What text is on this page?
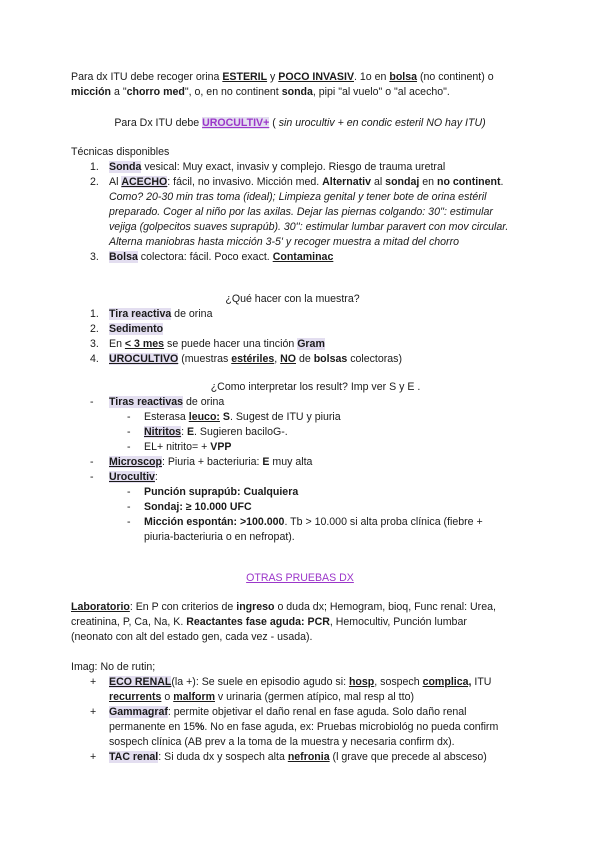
Para dx ITU debe recoger orina ESTERIL y POCO INVASIV. 1o en bolsa (no continent) o

micción a "chorro med", o, en no continent sonda, pipi "al vuelo" o "al acecho".

Para Dx ITU debe UROCULTIV+ ( sin urocultiv + en condic esteril NO hay ITU)

Técnicas disponibles

1. Sonda vesical: Muy exact, invasiv y complejo. Riesgo de trauma uretral
2. Al ACECHO: fácil, no invasivo. Micción med. Alternativ al sondaj en no continent.

Como? 20-30 min tras toma (ideal); Limpieza genital y tener bote de orina estéril

preparado. Coger al niño por las axilas. Dejar las piernas colgando: 30'': estimular

vejiga (golpecitos suaves suprapúb). 30'': estimular lumbar paravert con mov circular.

Alterna maniobras hasta micción 3-5' y recoger muestra a mitad del chorro

3. Bolsa colectora: fácil. Poco exact. Contaminac

¿Qué hacer con la muestra?

1. Tira reactiva de orina
2. Sedimento
3. En < 3 mes se puede hacer una tinción Gram
4. UROCULTIVO (muestras estériles, NO de bolsas colectoras)

¿Como interpretar los result? Imp ver S y E .

- Tiras reactivas de orina
- Esterasa leuco: S. Sugest de ITU y piuria
- Nitritos: E. Sugieren baciloG-.
- EL+ nitrito= + VPP
- Microscop: Piuria + bacteriuria: E muy alta
- Urocultiv:
- Punción suprapúb: Cualquiera
- Sondaj: ≥ 10.000 UFC
- Micción espontán: >100.000. Tb > 10.000 si alta proba clínica (fiebre +

piuria-bacteriuria o en nefropat).

OTRAS PRUEBAS DX

Laboratorio: En P con criterios de ingreso o duda dx; Hemogram, bioq, Func renal: Urea,

creatinina, P, Ca, Na, K. Reactantes fase aguda: PCR, Hemocultiv, Punción lumbar

(neonato con alt del estado gen, cada vez - usada).

Imag: No de rutin;

+ ECO RENAL(la +): Se suele en episodio agudo si: hosp, sospech complica, ITU

recurrents o malform v urinaria (germen atípico, mal resp al tto)

+ Gammagraf: permite objetivar el daño renal en fase aguda. Solo daño renal

permanente en 15%. No en fase aguda, ex: Pruebas microbiológ no pueda confirm

sospech clínica (AB prev a la toma de la muestra y necesaria confirm dx).

+ TAC renal: Si duda dx y sospech alta nefronia (l grave que precede al absceso)
